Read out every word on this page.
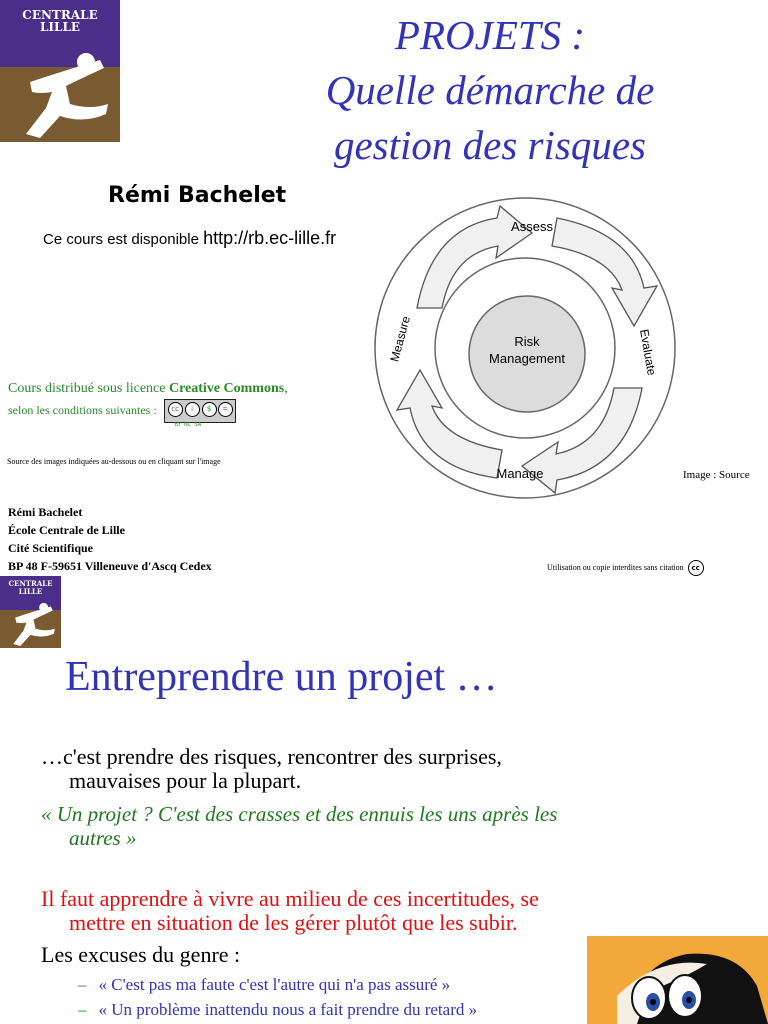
CENTRALE
LILLE	PROJETS :
Quelle démarche de
gestion des risques
Rémi Bachelet
Ce cours est disponible http://rb.ec-lille.fr
Cours distribué sous licence Creative Commons,
selon les conditions suivantes :	cc	i	$	=
BY  NC  SA
Source des images indiquées au-dessous ou en cliquant sur l'image
Risk
Management
Assess
Manage
Evaluate
Measure
Image : Source
Rémi Bachelet
École Centrale de Lille
Cité Scientifique
BP 48 F-59651 Villeneuve d'Ascq Cedex	Utilisation ou copie interdites sans citation cc
CENTRALE
LILLE
Entreprendre un projet …
…c'est prendre des risques, rencontrer des surprises,
mauvaises pour la plupart.
« Un projet ? C'est des crasses et des ennuis les uns après les
autres »
Il faut apprendre à vivre au milieu de ces incertitudes, se
mettre en situation de les gérer plutôt que les subir.
Les excuses du genre :
– « C'est pas ma faute c'est l'autre qui n'a pas assuré »
– « Un problème inattendu nous a fait prendre du retard »
